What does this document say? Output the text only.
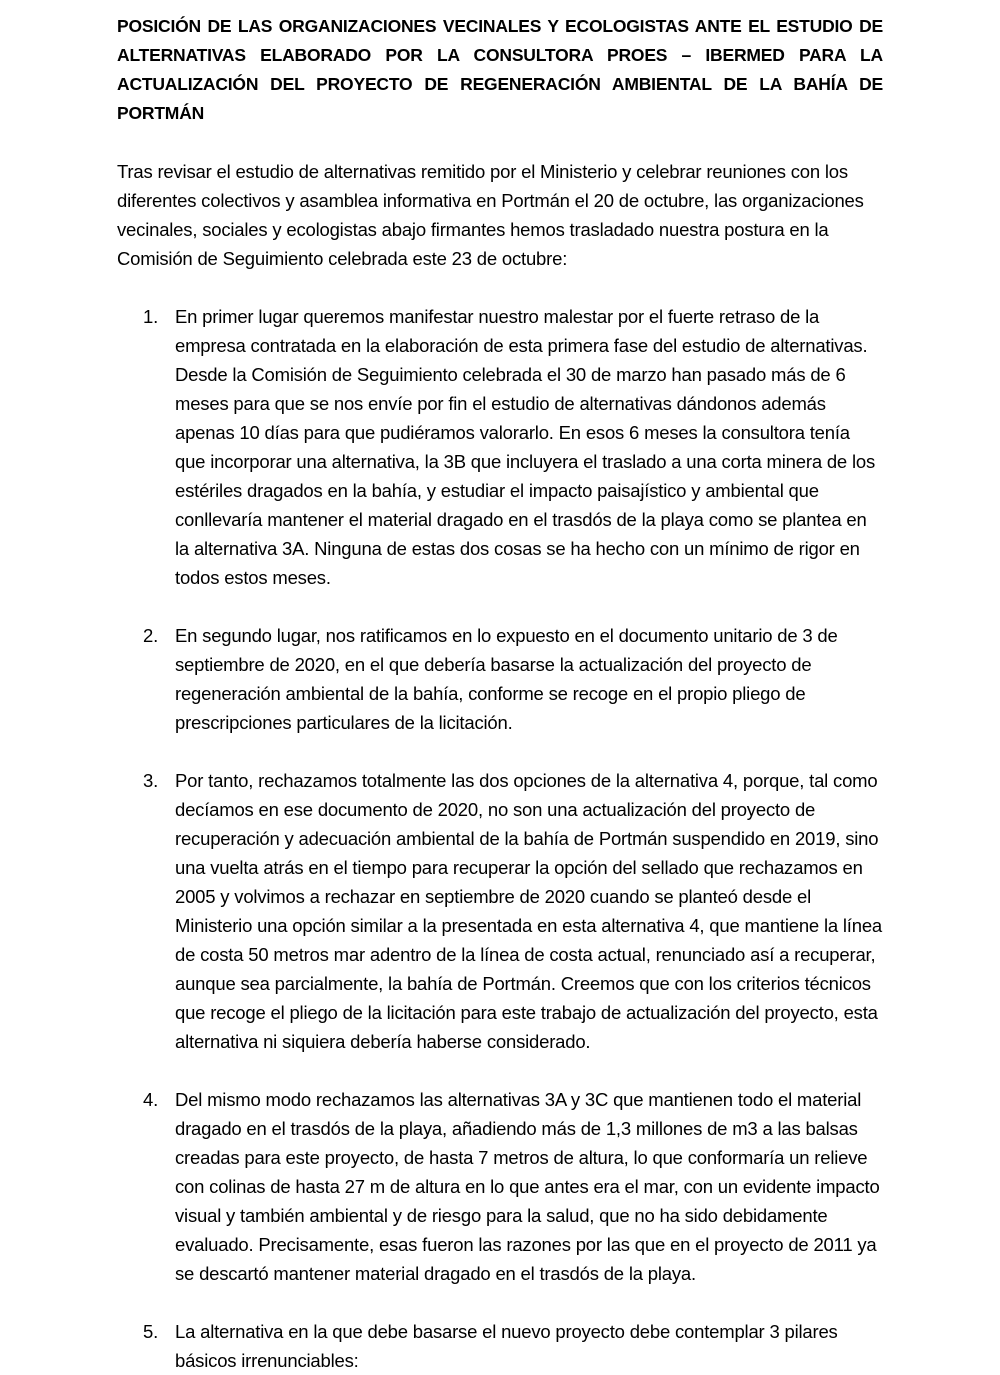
POSICIÓN DE LAS ORGANIZACIONES VECINALES Y ECOLOGISTAS ANTE EL ESTUDIO DE ALTERNATIVAS ELABORADO POR LA CONSULTORA PROES – IBERMED PARA LA ACTUALIZACIÓN DEL PROYECTO DE REGENERACIÓN AMBIENTAL DE LA BAHÍA DE PORTMÁN

Tras revisar el estudio de alternativas remitido por el Ministerio y celebrar reuniones con los diferentes colectivos y asamblea informativa en Portmán el 20 de octubre, las organizaciones vecinales, sociales y ecologistas abajo firmantes hemos trasladado nuestra postura en la Comisión de Seguimiento celebrada este 23 de octubre:

1. En primer lugar queremos manifestar nuestro malestar por el fuerte retraso de la empresa contratada en la elaboración de esta primera fase del estudio de alternativas. Desde la Comisión de Seguimiento celebrada el 30 de marzo han pasado más de 6 meses para que se nos envíe por fin el estudio de alternativas dándonos además apenas 10 días para que pudiéramos valorarlo. En esos 6 meses la consultora tenía que incorporar una alternativa, la 3B que incluyera el traslado a una corta minera de los estériles dragados en la bahía, y estudiar el impacto paisajístico y ambiental que conllevaría mantener el material dragado en el trasdós de la playa como se plantea en la alternativa 3A. Ninguna de estas dos cosas se ha hecho con un mínimo de rigor en todos estos meses.
2. En segundo lugar, nos ratificamos en lo expuesto en el documento unitario de 3 de septiembre de 2020, en el que debería basarse la actualización del proyecto de regeneración ambiental de la bahía, conforme se recoge en el propio pliego de prescripciones particulares de la licitación.
3. Por tanto, rechazamos totalmente las dos opciones de la alternativa 4, porque, tal como decíamos en ese documento de 2020, no son una actualización del proyecto de recuperación y adecuación ambiental de la bahía de Portmán suspendido en 2019, sino una vuelta atrás en el tiempo para recuperar la opción del sellado que rechazamos en 2005 y volvimos a rechazar en septiembre de 2020 cuando se planteó desde el Ministerio una opción similar a la presentada en esta alternativa 4, que mantiene la línea de costa 50 metros mar adentro de la línea de costa actual, renunciado así a recuperar, aunque sea parcialmente, la bahía de Portmán. Creemos que con los criterios técnicos que recoge el pliego de la licitación para este trabajo de actualización del proyecto, esta alternativa ni siquiera debería haberse considerado.
4. Del mismo modo rechazamos las alternativas 3A y 3C que mantienen todo el material dragado en el trasdós de la playa, añadiendo más de 1,3 millones de m3 a las balsas creadas para este proyecto, de hasta 7 metros de altura, lo que conformaría un relieve con colinas de hasta 27 m de altura en lo que antes era el mar, con un evidente impacto visual y también ambiental y de riesgo para la salud, que no ha sido debidamente evaluado. Precisamente, esas fueron las razones por las que en el proyecto de 2011 ya se descartó mantener material dragado en el trasdós de la playa.
5. La alternativa en la que debe basarse el nuevo proyecto debe contemplar 3 pilares básicos irrenunciables:
